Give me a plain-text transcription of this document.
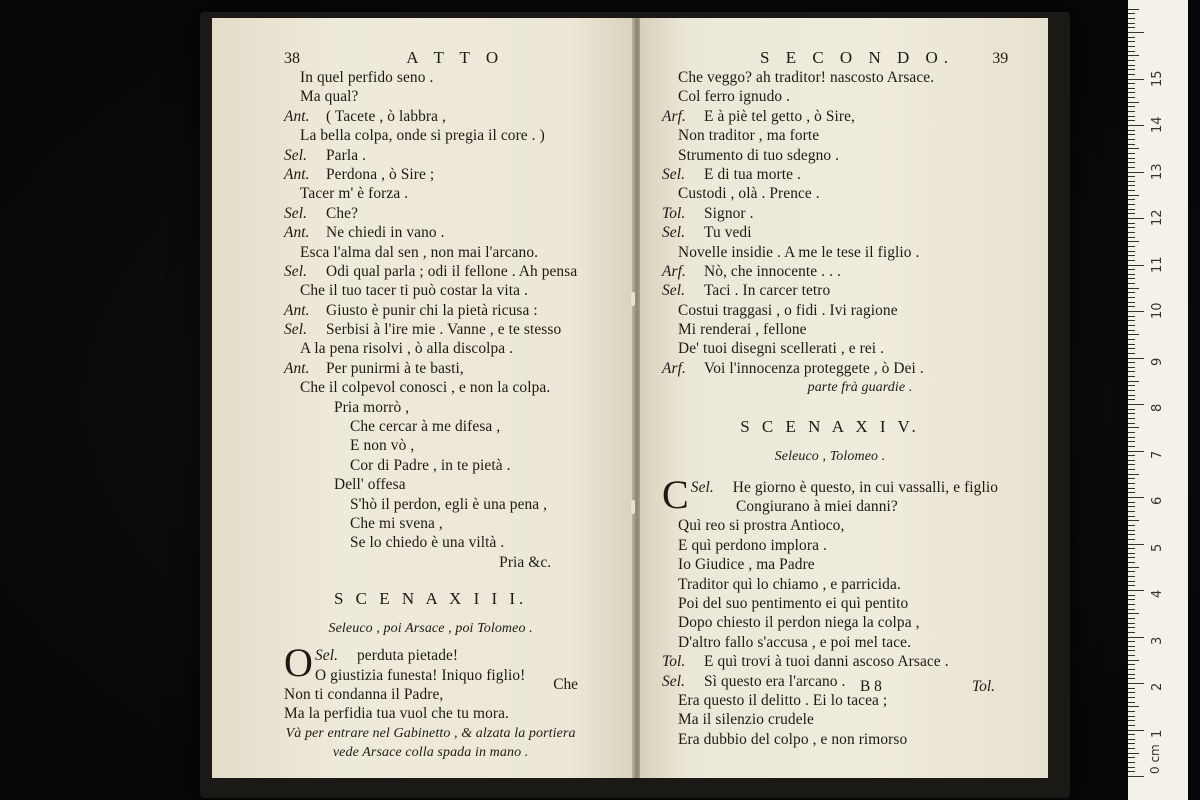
38	A T T O
In quel perfido seno .
Ma qual?
Ant. ( Tacete , ò labbra ,
La bella colpa, onde si pregia il core . )
Sel. Parla .
Ant. Perdona , ò Sire ;
Tacer m' è forza .
Sel. Che?
Ant. Ne chiedi in vano .
Esca l'alma dal sen , non mai l'arcano.
Sel. Odi qual parla ; odi il fellone . Ah pensa
Che il tuo tacer ti può costar la vita .
Ant. Giusto è punir chi la pietà ricusa :
Sel. Serbisi à l'ire mie . Vanne , e te stesso
A la pena risolvi , ò alla discolpa .
Ant. Per punirmi à te basti,
Che il colpevol conosci , e non la colpa.
Pria morrò ,
Che cercar à me difesa ,
E non vò ,
Cor di Padre , in te pietà .
Dell' offesa
S'hò il perdon, egli è una pena ,
Che mi svena ,
Se lo chiedo è una viltà .
Pria &c.
S C E N A X I I I.
Seleuco , poi Arsace , poi Tolomeo .
Sel.
O	perduta pietade!
O giustizia funesta! Iniquo figlio!
Non ti condanna il Padre,
Ma la perfidia tua vuol che tu mora.
Và per entrare nel Gabinetto , & alzata la portiera
vede Arsace colla spada in mano .
Che
S E C O N D O. 39
Che veggo? ah traditor! nascosto Arsace.
Col ferro ignudo .
Arf. E à piè tel getto , ò Sire,
Non traditor , ma forte
Strumento di tuo sdegno .
Sel. E di tua morte .
Custodi , olà . Prence .
Tol. Signor .
Sel. Tu vedi
Novelle insidie . A me le tese il figlio .
Arf. Nò, che innocente . . .
Sel. Taci . In carcer tetro
Costui traggasi , o fidi . Ivi ragione
Mi renderai , fellone
De' tuoi disegni scellerati , e rei .
Arf. Voi l'innocenza proteggete , ò Dei .
parte frà guardie .
S C E N A X I V.
Seleuco , Tolomeo .
Sel.
C	He giorno è questo, in cui vassalli, e figlio
Congiurano à miei danni?
Quì reo si prostra Antioco,
E quì perdono implora .
Io Giudice , ma Padre
Traditor quì lo chiamo , e parricida.
Poi del suo pentimento ei quì pentito
Dopo chiesto il perdon niega la colpa ,
D'altro fallo s'accusa , e poi mel tace.
Tol. E quì trovi à tuoi danni ascoso Arsace .
Sel. Sì questo era l'arcano .
Era questo il delitto . Ei lo tacea ;
Ma il silenzio crudele
Era dubbio del colpo , e non rimorso
B 8	Tol.
0 cm
1
2
3
4
5
6
7
8
9
10
11
12
13
14
15
